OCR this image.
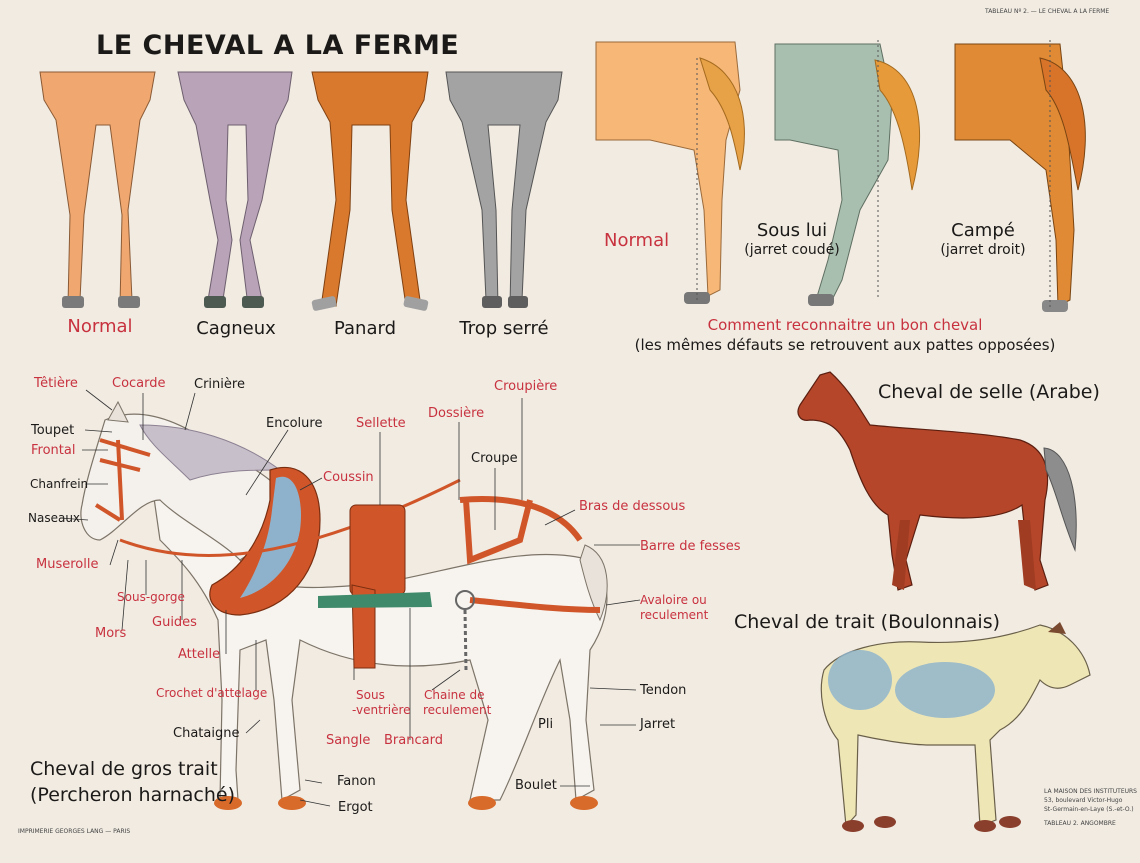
TABLEAU Nº 2. — LE CHEVAL A LA FERME
LE CHEVAL A LA FERME
Normal	Cagneux	Panard	Trop serré
Normal	Sous lui
(jarret coudé)
Campé
(jarret droit)
Comment reconnaitre un bon cheval
(les mêmes défauts se retrouvent aux pattes opposées)
Têtière	Cocarde Crinière
Toupet
Frontal
Chanfrein
Naseaux
Muserolle
Sous-gorge
Mors
Guides
Attelle
Crochet d'attelage
Chataigne
Encolure
Coussin
Sellette
Dossière
Croupière
Croupe
Bras de dessous
Barre de fesses
Avaloire ou
reculement
Tendon
Jarret
Pli
Sous
-ventrière
Chaine de
reculement
Sangle Brancard
Boulet
Fanon
Ergot
Cheval de gros trait
(Percheron harnaché)
Cheval de selle (Arabe)
Cheval de trait (Boulonnais)
IMPRIMERIE GEORGES LANG — PARIS
LA MAISON DES INSTITUTEURS
53, boulevard Victor-Hugo
St-Germain-en-Laye (S.-et-O.)
TABLEAU 2. ANGOMBRE
